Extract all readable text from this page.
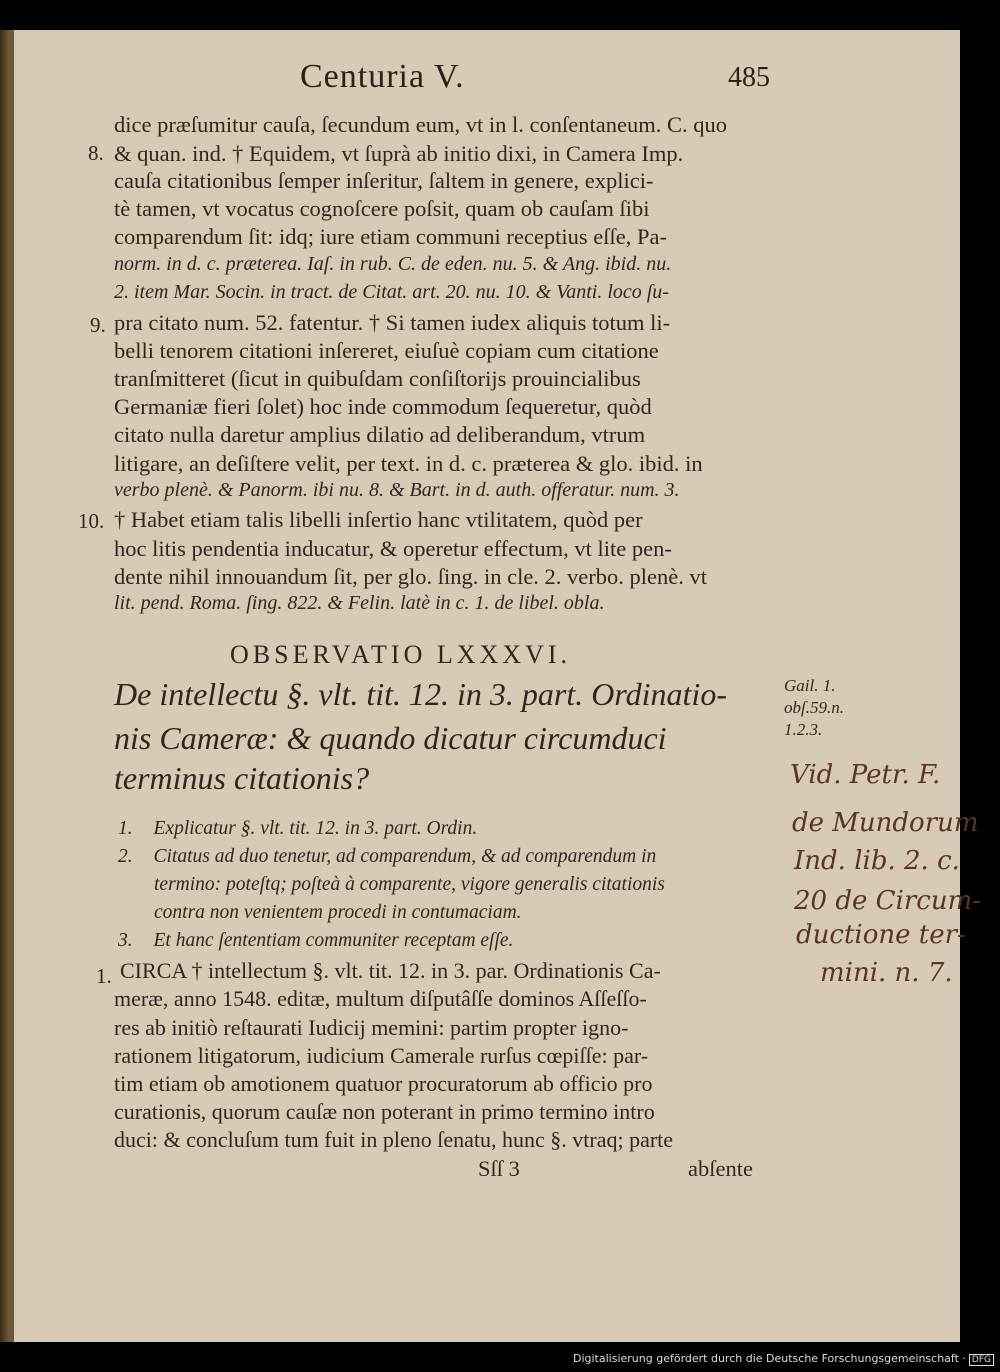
Centuria V.	485
dice præſumitur cauſa, ſecundum eum, vt in l. conſentaneum. C. quo
& quan. ind. † Equidem, vt ſuprà ab initio dixi, in Camera Imp.
cauſa citationibus ſemper inſeritur, ſaltem in genere, explici-
tè tamen, vt vocatus cognoſcere poſsit, quam ob cauſam ſibi
comparendum ſit: idq; iure etiam communi receptius eſſe, Pa-
norm. in d. c. præterea. Iaſ. in rub. C. de eden. nu. 5. & Ang. ibid. nu.
2. item Mar. Socin. in tract. de Citat. art. 20. nu. 10. & Vanti. loco ſu-
pra citato num. 52. fatentur. † Si tamen iudex aliquis totum li-
belli tenorem citationi inſereret, eiuſuè copiam cum citatione
tranſmitteret (ſicut in quibuſdam conſiſtorijs prouincialibus
Germaniæ fieri ſolet) hoc inde commodum ſequeretur, quòd
citato nulla daretur amplius dilatio ad deliberandum, vtrum
litigare, an deſiſtere velit, per text. in d. c. præterea & glo. ibid. in
verbo plenè. & Panorm. ibi nu. 8. & Bart. in d. auth. offeratur. num. 3.
† Habet etiam talis libelli inſertio hanc vtilitatem, quòd per
hoc litis pendentia inducatur, & operetur effectum, vt lite pen-
dente nihil innouandum ſit, per glo. ſing. in cle. 2. verbo. plenè. vt
lit. pend. Roma. ſing. 822. & Felin. latè in c. 1. de libel. obla.
8.
9.
10.
OBSERVATIO LXXXVI.
De intellectu §. vlt. tit. 12. in 3. part. Ordinatio-
nis Cameræ: & quando dicatur circumduci
terminus citationis?
Gail. 1.
obſ.59.n.
1.2.3.
1. Explicatur §. vlt. tit. 12. in 3. part. Ordin.
2. Citatus ad duo tenetur, ad comparendum, & ad comparendum in
termino: poteſtq; poſteà à comparente, vigore generalis citationis
contra non venientem procedi in contumaciam.
3. Et hanc ſententiam communiter receptam eſſe.
1. CIRCA † intellectum §. vlt. tit. 12. in 3. par. Ordinationis Ca-
meræ, anno 1548. editæ, multum diſputâſſe dominos Aſſeſſo-
res ab initiò reſtaurati Iudicij memini: partim propter igno-
rationem litigatorum, iudicium Camerale rurſus cœpiſſe: par-
tim etiam ob amotionem quatuor procuratorum ab officio pro
curationis, quorum cauſæ non poterant in primo termino intro
duci: & concluſum tum fuit in pleno ſenatu, hunc §. vtraq; parte
Sſſ 3	abſente
Vid. Petr. F.
de Mundorum
Ind. lib. 2. c.
20 de Circum-
ductione ter-
mini. n. 7.
Digitalisierung gefördert durch die Deutsche Forschungsgemeinschaft · DFG
